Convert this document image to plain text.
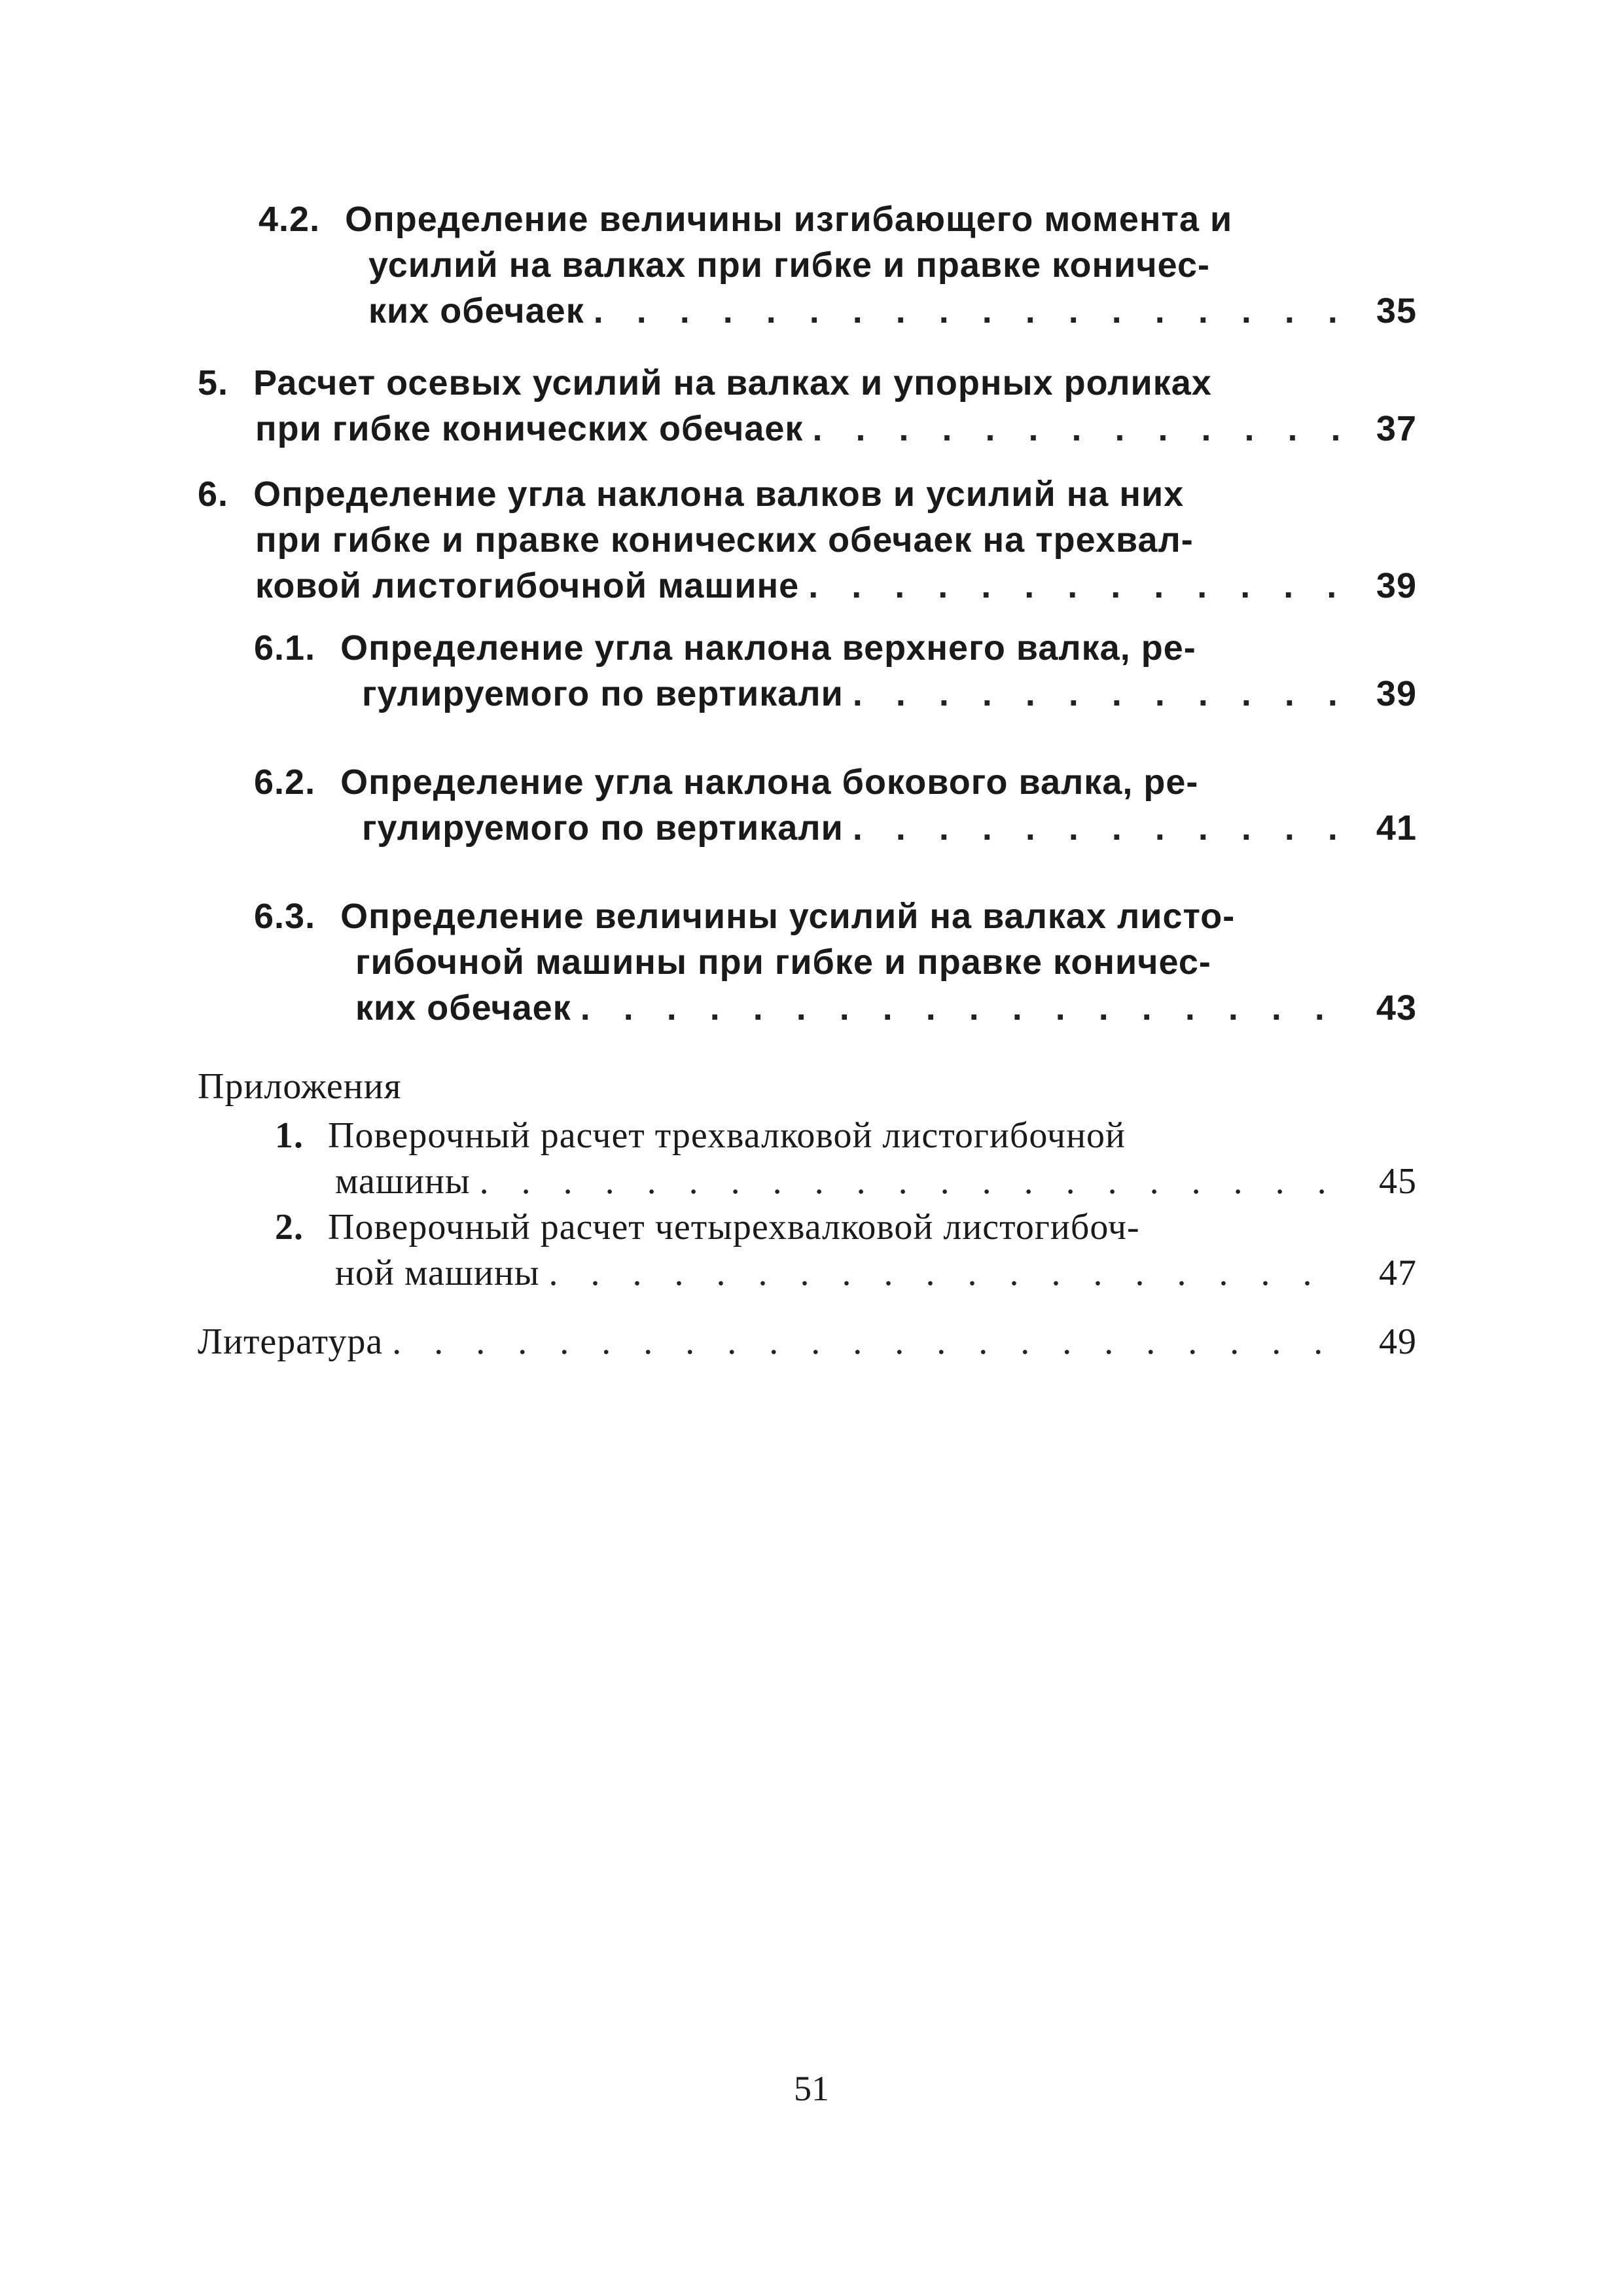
4.2. Определение величины изгибающего момента и
усилий на валках при гибке и правке коничес-
ких обечаек . . .	35
5. Расчет осевых усилий на валках и упорных роликах
при гибке конических обечаек . . .	37
6. Определение угла наклона валков и усилий на них
при гибке и правке конических обечаек на трехвал-
ковой листогибочной машине . . .	39
6.1. Определение угла наклона верхнего валка, ре-
гулируемого по вертикали . . .	39
6.2. Определение угла наклона бокового валка, ре-
гулируемого по вертикали . . .	41
6.3. Определение величины усилий на валках листо-
гибочной машины при гибке и правке коничес-
ких обечаек . . .	43
Приложения
1. Поверочный расчет трехвалковой листогибочной
машины . . .	45
2. Поверочный расчет четырехвалковой листогибоч-
ной машины . . .	47
Литература . . .	49
51
